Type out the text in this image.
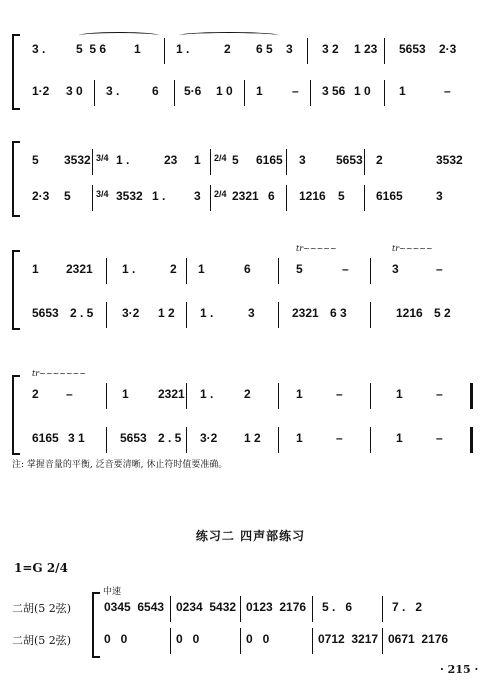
3 .	5  5 6 1	1 .	2 6 5 3 3 2 1 23 5653 2·3
1·2 3 0 3 .	6 5·6 1 0 1 – 3 56 1 0 1	–
5 3532 3/4 1 .	23 1 2/4 5 6165 3	5653 2	3532
2·3 5	3/4 3532 1 . 3 2/4 2321 6 1216 5	6165	3
1 2321 1 .	2 1	6	5	–	3	–
tr~~~~~	tr~~~~~
5653 2 . 5 3·2 1 2 1 .	3	2321 6 3	1216 5 2
2 –	1 2321 1 .	2	1	–	1	–
tr~~~~~~~
6165 3 1	5653 2 . 5 3·2 1 2	1	–	1	–
注: 掌握音量的平衡, 泛音要清晰, 休止符时值要准确。
练习二 四声部练习
1=G 2/4
中速
二胡(5 2弦)
二胡(5 2弦)
0345  6543 0234  5432 0123  2176 5 .   6	7 .   2
0   0	0   0	0   0	0712  3217 0671  2176
· 215 ·
